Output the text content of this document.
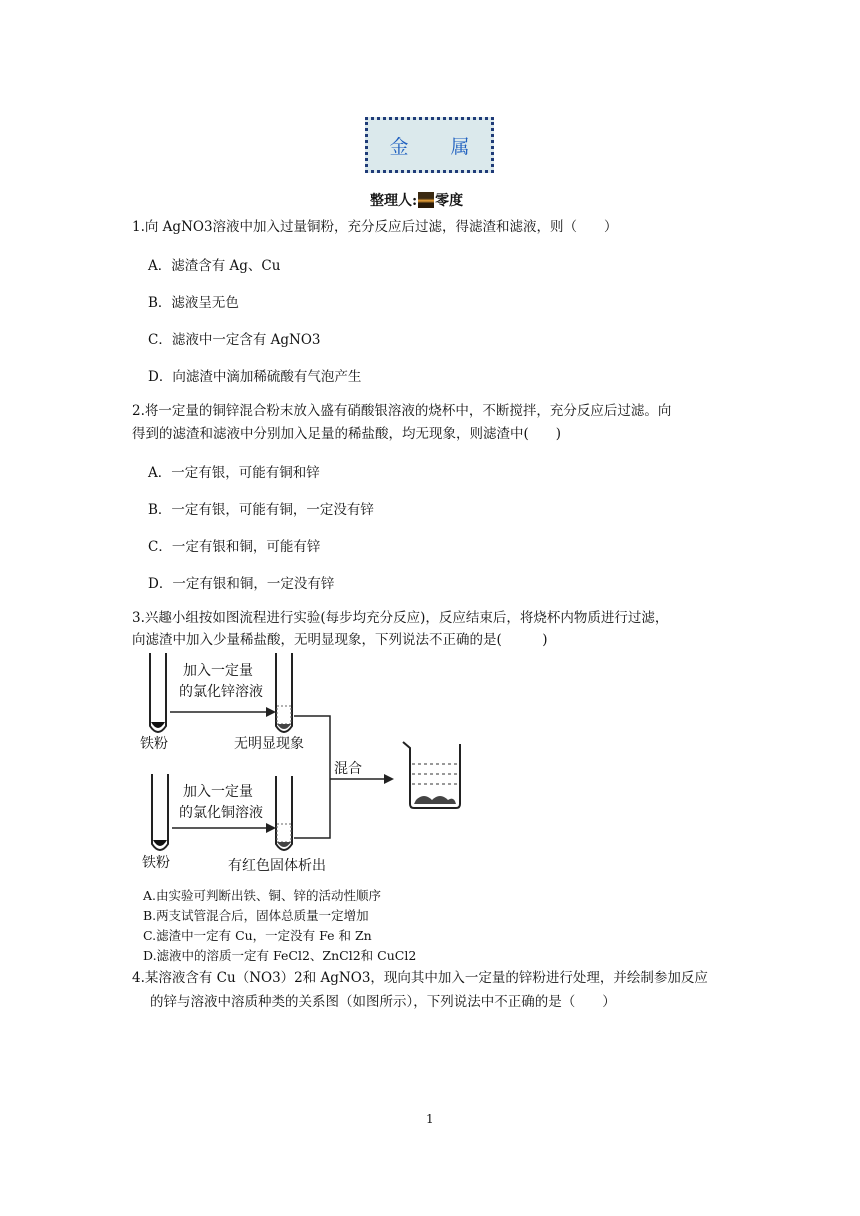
金 属
整理人: 零度
1.向 AgNO3溶液中加入过量铜粉，充分反应后过滤，得滤渣和滤液，则（　　）
A．滤渣含有 Ag、Cu
B．滤液呈无色
C．滤液中一定含有 AgNO3
D．向滤渣中滴加稀硫酸有气泡产生
2.将一定量的铜锌混合粉末放入盛有硝酸银溶液的烧杯中，不断搅拌，充分反应后过滤。向
得到的滤渣和滤液中分别加入足量的稀盐酸，均无现象，则滤渣中(　　)
A．一定有银，可能有铜和锌
B．一定有银，可能有铜，一定没有锌
C．一定有银和铜，可能有锌
D．一定有银和铜，一定没有锌
3.兴趣小组按如图流程进行实验(每步均充分反应)，反应结束后，将烧杯内物质进行过滤，
向滤渣中加入少量稀盐酸，无明显现象，下列说法不正确的是(　　　)
铁粉
加入一定量
的氯化锌溶液
无明显现象
铁粉
加入一定量
的氯化铜溶液
有红色固体析出
混合
A.由实验可判断出铁、铜、锌的活动性顺序
B.两支试管混合后，固体总质量一定增加
C.滤渣中一定有 Cu，一定没有 Fe 和 Zn
D.滤液中的溶质一定有 FeCl2、ZnCl2和 CuCl2
4.某溶液含有 Cu（NO3）2和 AgNO3，现向其中加入一定量的锌粉进行处理，并绘制参加反应
的锌与溶液中溶质种类的关系图（如图所示），下列说法中不正确的是（　　）
1
